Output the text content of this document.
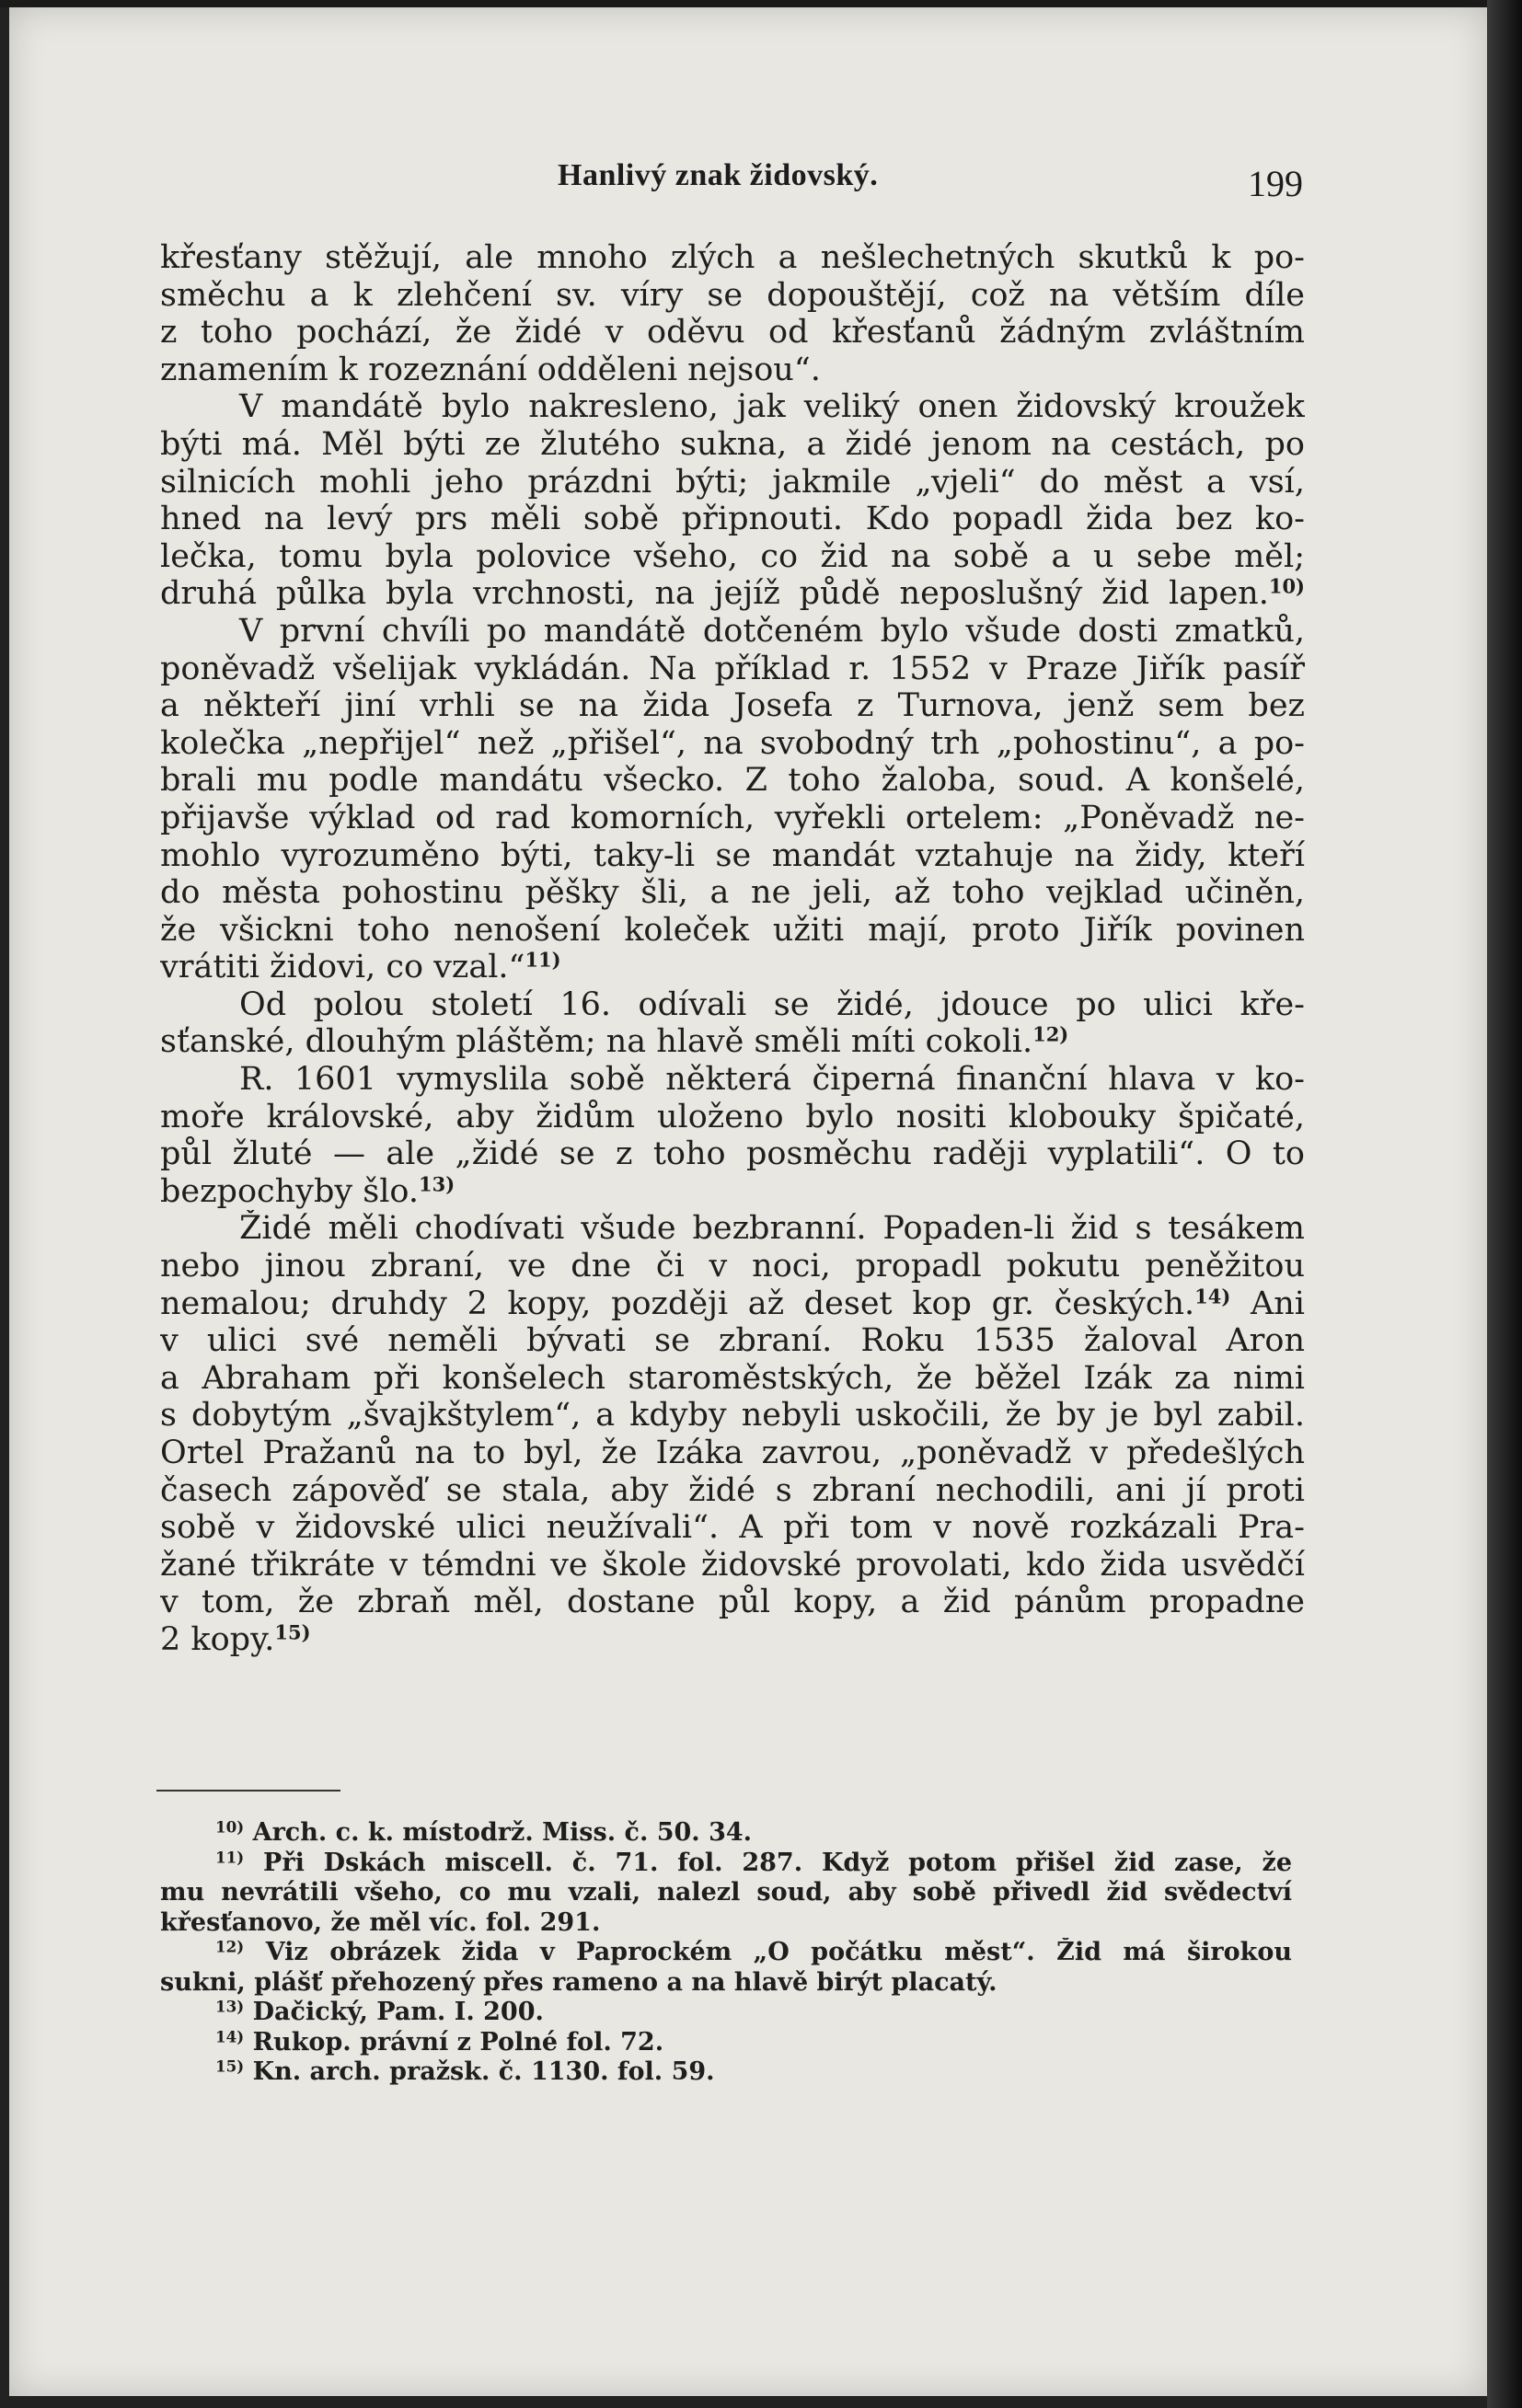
Hanlivý znak židovský.	199
křesťany stěžují, ale mnoho zlých a nešlechetných skutků k po-
směchu a k zlehčení sv. víry se dopouštějí, což na větším díle
z toho pochází, že židé v oděvu od křesťanů žádným zvláštním
znamením k rozeznání odděleni nejsou“.
V mandátě bylo nakresleno, jak veliký onen židovský kroužek
býti má. Měl býti ze žlutého sukna, a židé jenom na cestách, po
silnicích mohli jeho prázdni býti; jakmile „vjeli“ do měst a vsí,
hned na levý prs měli sobě připnouti. Kdo popadl žida bez ko-
lečka, tomu byla polovice všeho, co žid na sobě a u sebe měl;
druhá půlka byla vrchnosti, na jejíž půdě neposlušný žid lapen.$^{10)}$
V první chvíli po mandátě dotčeném bylo všude dosti zmatků,
poněvadž všelijak vykládán. Na příklad r. 1552 v Praze Jiřík pasíř
a někteří jiní vrhli se na žida Josefa z Turnova, jenž sem bez
kolečka „nepřijel“ než „přišel“, na svobodný trh „pohostinu“, a po-
brali mu podle mandátu všecko. Z toho žaloba, soud. A konšelé,
přijavše výklad od rad komorních, vyřekli ortelem: „Poněvadž ne-
mohlo vyrozuměno býti, taky-li se mandát vztahuje na židy, kteří
do města pohostinu pěšky šli, a ne jeli, až toho vejklad učiněn,
že všickni toho nenošení koleček užiti mají, proto Jiřík povinen
vrátiti židovi, co vzal.“$^{11)}$
Od polou století 16. odívali se židé, jdouce po ulici kře-
sťanské, dlouhým pláštěm; na hlavě směli míti cokoli.$^{12)}$
R. 1601 vymyslila sobě některá čiperná finanční hlava v ko-
moře královské, aby židům uloženo bylo nositi klobouky špičaté,
půl žluté — ale „židé se z toho posměchu raději vyplatili“. O to
bezpochyby šlo.$^{13)}$
Židé měli chodívati všude bezbranní. Popaden-li žid s tesákem
nebo jinou zbraní, ve dne či v noci, propadl pokutu peněžitou
nemalou; druhdy 2 kopy, později až deset kop gr. českých.$^{14)}$ Ani
v ulici své neměli bývati se zbraní. Roku 1535 žaloval Aron
a Abraham při konšelech staroměstských, že běžel Izák za nimi
s dobytým „švajkštylem“, a kdyby nebyli uskočili, že by je byl zabil.
Ortel Pražanů na to byl, že Izáka zavrou, „poněvadž v předešlých
časech zápověď se stala, aby židé s zbraní nechodili, ani jí proti
sobě v židovské ulici neužívali“. A při tom v nově rozkázali Pra-
žané třikráte v témdni ve škole židovské provolati, kdo žida usvědčí
v tom, že zbraň měl, dostane půl kopy, a žid pánům propadne
2 kopy.$^{15)}$
$^{10)}$ Arch. c. k. místodrž. Miss. č. 50. 34.
$^{11)}$ Při Dskách miscell. č. 71. fol. 287. Když potom přišel žid zase, že
mu nevrátili všeho, co mu vzali, nalezl soud, aby sobě přivedl žid svědectví
křesťanovo, že měl víc. fol. 291.
$^{12)}$ Viz obrázek žida v Paprockém „O počátku měst“. Žid má širokou
sukni, plášť přehozený přes rameno a na hlavě birýt placatý.
$^{13)}$ Dačický, Pam. I. 200.
$^{14)}$ Rukop. právní z Polné fol. 72.
$^{15)}$ Kn. arch. pražsk. č. 1130. fol. 59.
